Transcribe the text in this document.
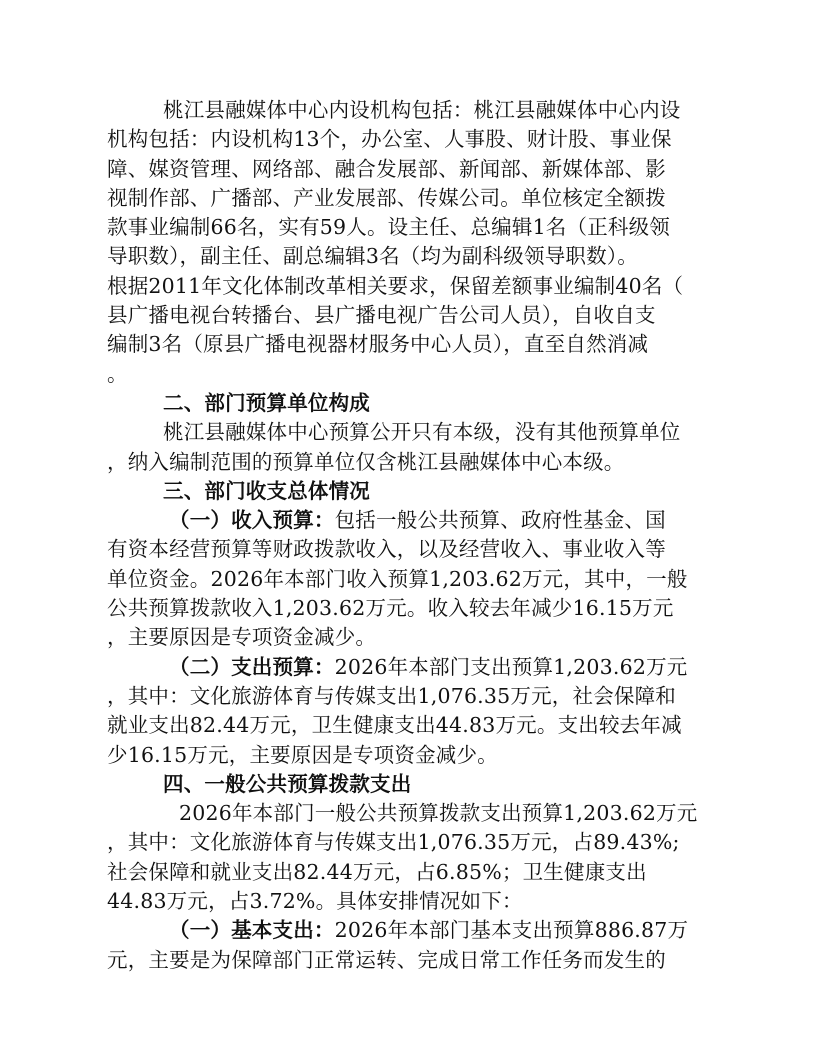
桃江县融媒体中心内设机构包括：桃江县融媒体中心内设
机构包括：内设机构13个，办公室、人事股、财计股、事业保
障、媒资管理、网络部、融合发展部、新闻部、新媒体部、影
视制作部、广播部、产业发展部、传媒公司。单位核定全额拨
款事业编制66名，实有59人。设主任、总编辑1名（正科级领
导职数），副主任、副总编辑3名（均为副科级领导职数）。
根据2011年文化体制改革相关要求，保留差额事业编制40名（
县广播电视台转播台、县广播电视广告公司人员），自收自支
编制3名（原县广播电视器材服务中心人员），直至自然消减
。
二、部门预算单位构成
桃江县融媒体中心预算公开只有本级，没有其他预算单位
，纳入编制范围的预算单位仅含桃江县融媒体中心本级。
三、部门收支总体情况
（一）收入预算：包括一般公共预算、政府性基金、国
有资本经营预算等财政拨款收入，以及经营收入、事业收入等
单位资金。2026年本部门收入预算1,203.62万元，其中，一般
公共预算拨款收入1,203.62万元。收入较去年减少16.15万元
，主要原因是专项资金减少。
（二）支出预算：2026年本部门支出预算1,203.62万元
，其中：文化旅游体育与传媒支出1,076.35万元，社会保障和
就业支出82.44万元，卫生健康支出44.83万元。支出较去年减
少16.15万元，主要原因是专项资金减少。
四、一般公共预算拨款支出
2026年本部门一般公共预算拨款支出预算1,203.62万元
，其中：文化旅游体育与传媒支出1,076.35万元，占89.43%;
社会保障和就业支出82.44万元，占6.85%；卫生健康支出
44.83万元，占3.72%。具体安排情况如下：
（一）基本支出：2026年本部门基本支出预算886.87万
元，主要是为保障部门正常运转、完成日常工作任务而发生的
